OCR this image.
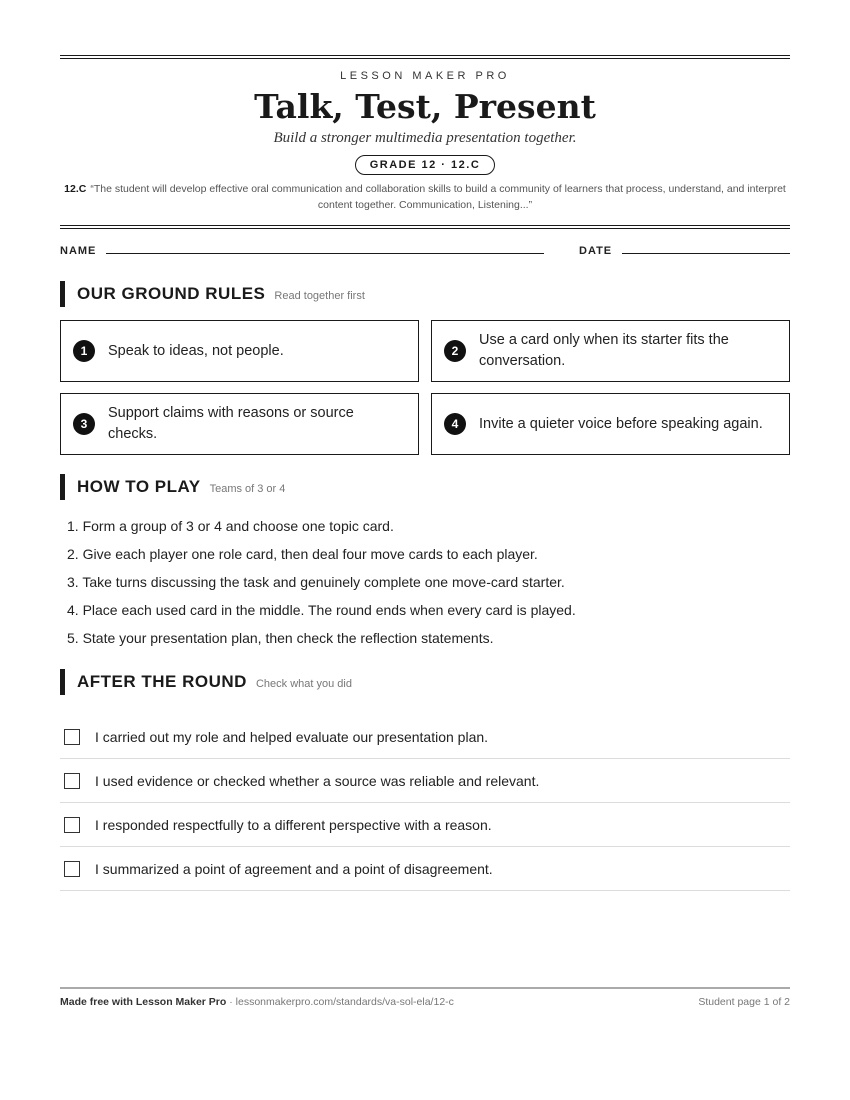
LESSON MAKER PRO
Talk, Test, Present
Build a stronger multimedia presentation together.
GRADE 12 · 12.C
12.C “The student will develop effective oral communication and collaboration skills to build a community of learners that process, understand, and interpret content together. Communication, Listening...”
NAME	DATE
OUR GROUND RULES Read together first
1	Speak to ideas, not people.	2
Use a card only when its starter fits the conversation.
3
Support claims with reasons or source checks.
4	Invite a quieter voice before speaking again.
HOW TO PLAY Teams of 3 or 4
1. Form a group of 3 or 4 and choose one topic card.
2. Give each player one role card, then deal four move cards to each player.
3. Take turns discussing the task and genuinely complete one move-card starter.
4. Place each used card in the middle. The round ends when every card is played.
5. State your presentation plan, then check the reflection statements.
AFTER THE ROUND Check what you did
I carried out my role and helped evaluate our presentation plan.
I used evidence or checked whether a source was reliable and relevant.
I responded respectfully to a different perspective with a reason.
I summarized a point of agreement and a point of disagreement.
Made free with Lesson Maker Pro · lessonmakerpro.com/standards/va-sol-ela/12-c	Student page 1 of 2
